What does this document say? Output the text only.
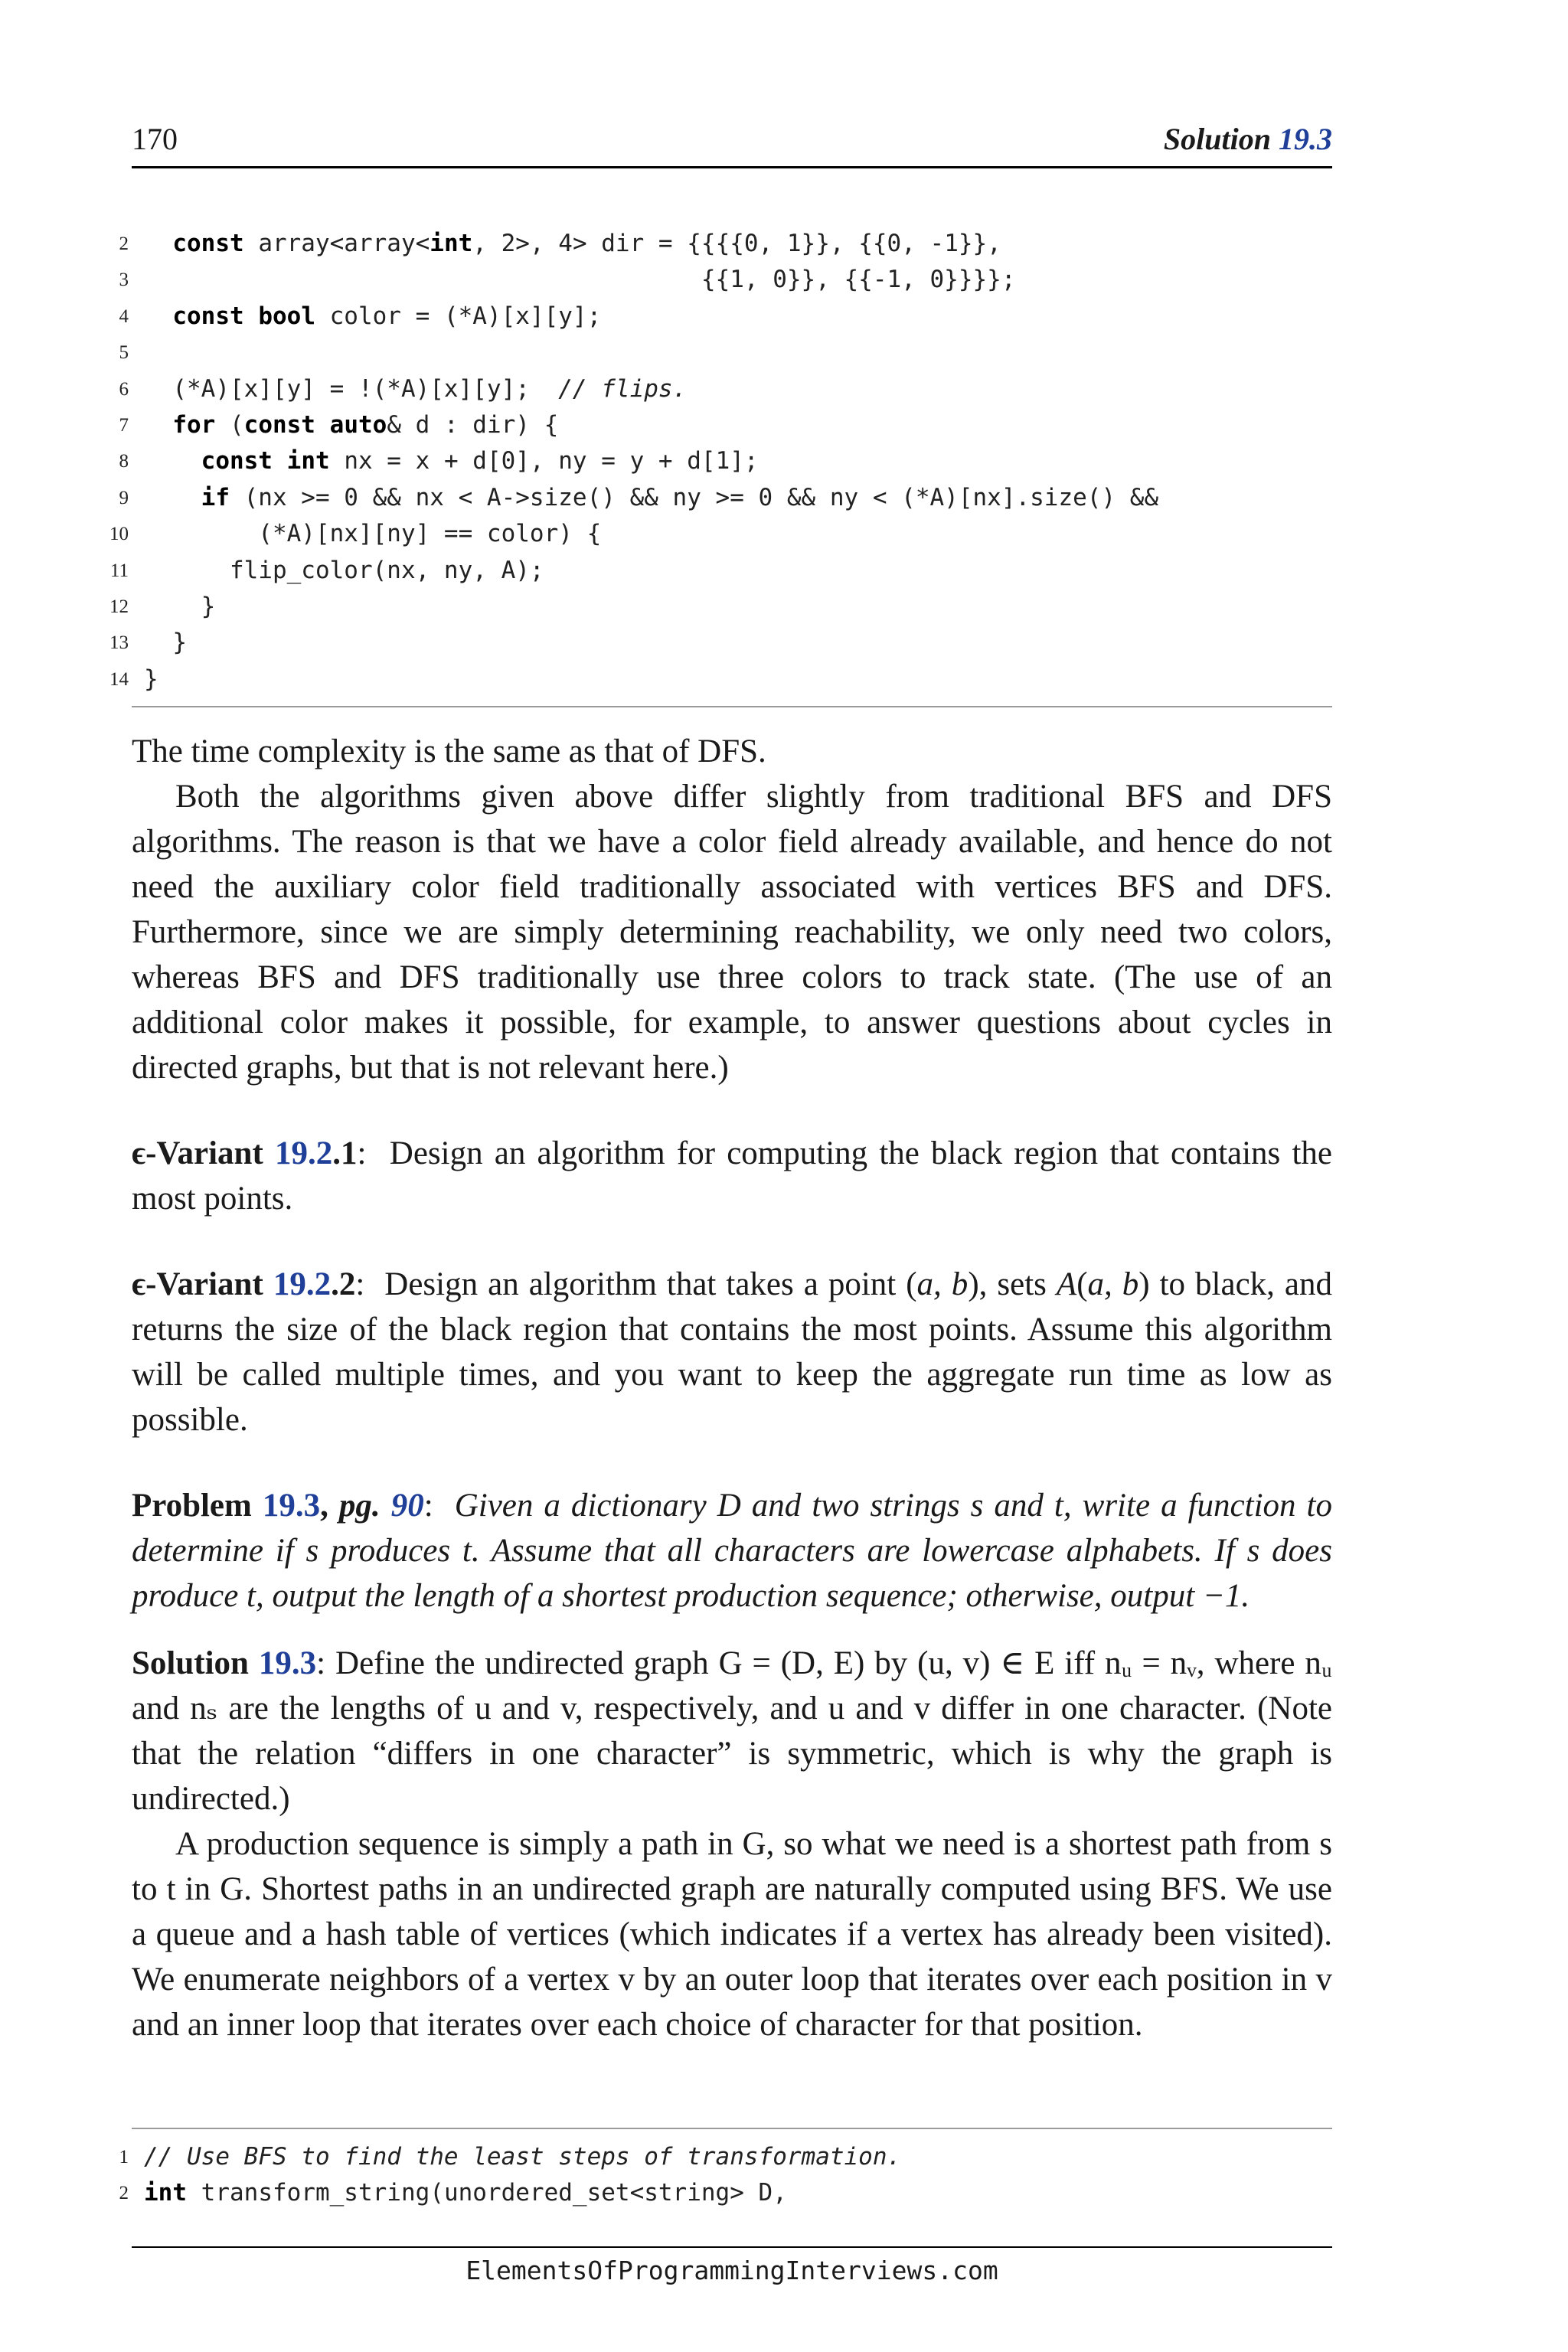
170	Solution 19.3
2	const array<array<int, 2>, 4> dir = {{{{0, 1}}, {{0, -1}},
3 {{1, 0}}, {{-1, 0}}}};
4	const bool color = (*A)[x][y];
5
6 (*A)[x][y] = !(*A)[x][y];  // flips.
7	for (const auto& d : dir) {
8	const int nx = x + d[0], ny = y + d[1];
9	if (nx >= 0 && nx < A->size() && ny >= 0 && ny < (*A)[nx].size() &&
10 (*A)[nx][ny] == color) {
11 flip_color(nx, ny, A);
12 }
13 }
14 }

The time complexity is the same as that of DFS.

Both the algorithms given above differ slightly from traditional BFS and DFS algorithms. The reason is that we have a color field already available, and hence do not need the auxiliary color field traditionally associated with vertices BFS and DFS. Furthermore, since we are simply determining reachability, we only need two colors, whereas BFS and DFS traditionally use three colors to track state. (The use of an additional color makes it possible, for example, to answer questions about cycles in directed graphs, but that is not relevant here.)

ϵ-Variant 19.2.1:  Design an algorithm for computing the black region that contains the most points.

ϵ-Variant 19.2.2:  Design an algorithm that takes a point (a, b), sets A(a, b) to black, and returns the size of the black region that contains the most points. Assume this algorithm will be called multiple times, and you want to keep the aggregate run time as low as possible.

Problem 19.3, pg. 90:  Given a dictionary D and two strings s and t, write a function to determine if s produces t. Assume that all characters are lowercase alphabets. If s does produce t, output the length of a shortest production sequence; otherwise, output −1.

Solution 19.3: Define the undirected graph G = (D, E) by (u, v) ∈ E iff nᵤ = nᵥ, where nᵤ and nₛ are the lengths of u and v, respectively, and u and v differ in one character. (Note that the relation “differs in one character” is symmetric, which is why the graph is undirected.)

A production sequence is simply a path in G, so what we need is a shortest path from s to t in G. Shortest paths in an undirected graph are naturally computed using BFS. We use a queue and a hash table of vertices (which indicates if a vertex has already been visited). We enumerate neighbors of a vertex v by an outer loop that iterates over each position in v and an inner loop that iterates over each choice of character for that position.

1 // Use BFS to find the least steps of transformation.
2 int transform_string(unordered_set<string> D,
ElementsOfProgrammingInterviews.com
